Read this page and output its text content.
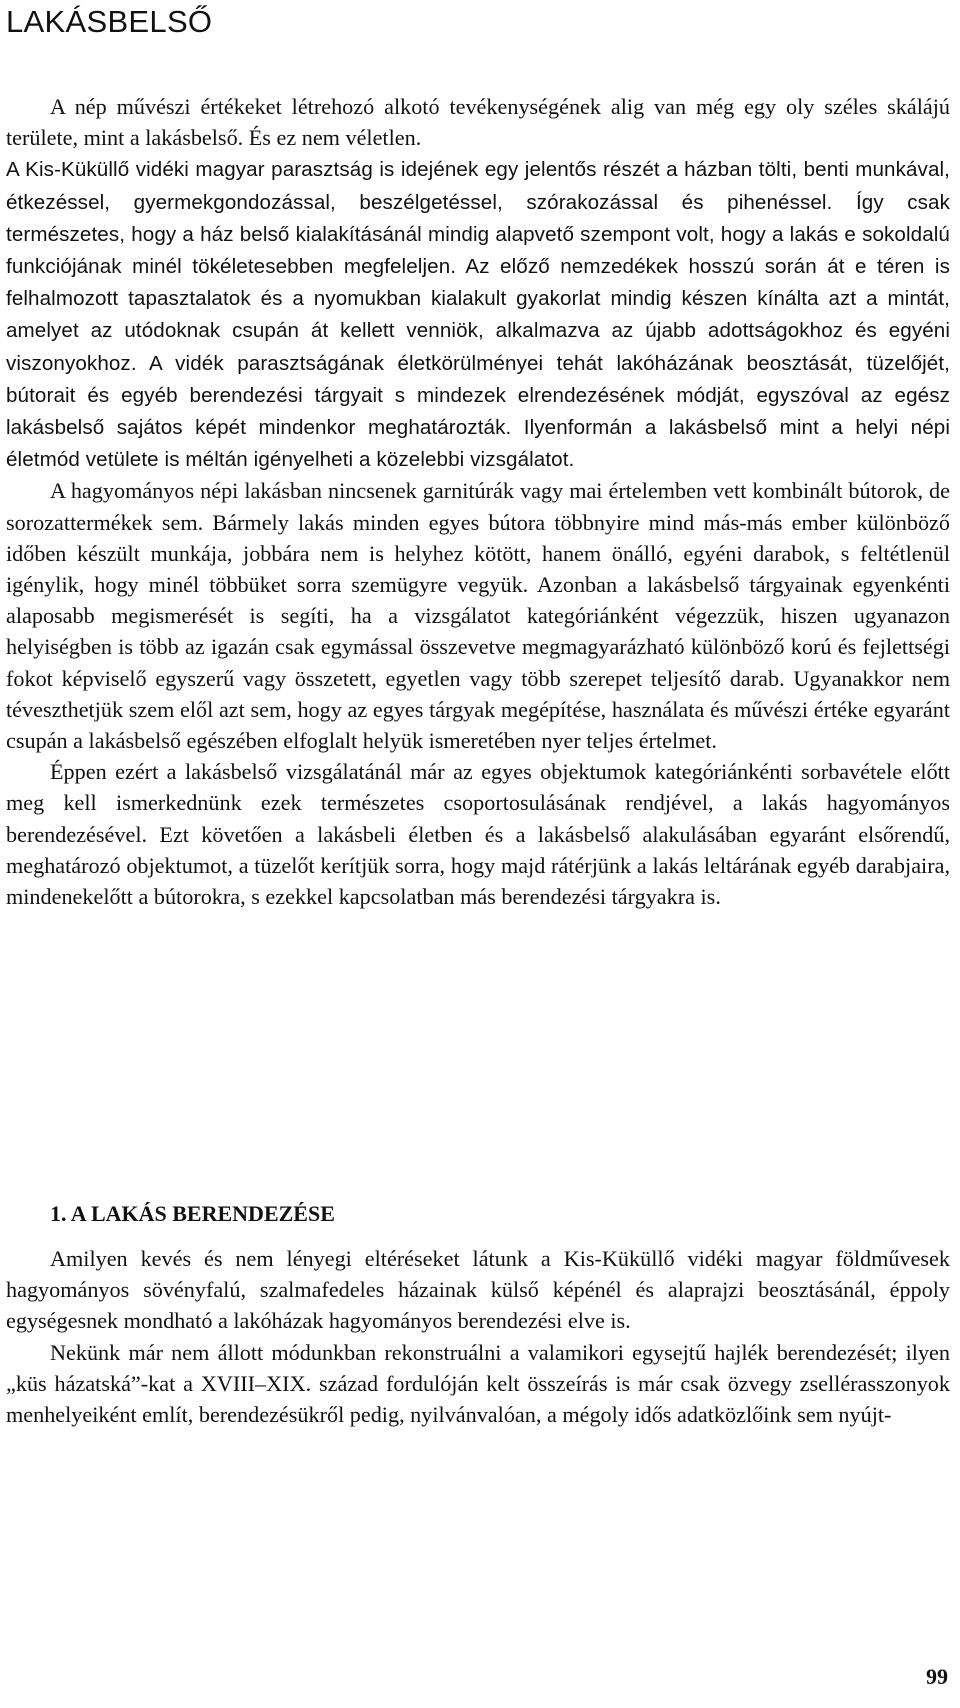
LAKÁSBELSŐ

A nép művészi értékeket létrehozó alkotó tevékenységének alig van még egy oly széles skálájú területe, mint a lakásbelső. És ez nem véletlen.
A Kis-Küküllő vidéki magyar parasztság is idejének egy jelentős részét a házban tölti, benti munkával, étkezéssel, gyermekgondozással, beszélgetéssel, szórakozással és pihenéssel. Így csak természetes, hogy a ház belső kialakításánál mindig alapvető szempont volt, hogy a lakás e sokoldalú funkciójának minél tökéletesebben megfeleljen. Az előző nemzedékek hosszú során át e téren is felhalmozott tapasztalatok és a nyomukban kialakult gyakorlat mindig készen kínálta azt a mintát, amelyet az utódoknak csupán át kellett venniök, alkalmazva az újabb adottságokhoz és egyéni viszonyokhoz. A vidék parasztságának életkörülményei tehát lakóházának beosztását, tüzelőjét, bútorait és egyéb berendezési tárgyait s mindezek elrendezésének módját, egyszóval az egész lakásbelső sajátos képét mindenkor meghatározták. Ilyenformán a lakásbelső mint a helyi népi életmód vetülete is méltán igényelheti a közelebbi vizsgálatot.

A hagyományos népi lakásban nincsenek garnitúrák vagy mai értelemben vett kombinált bútorok, de sorozattermékek sem. Bármely lakás minden egyes bútora többnyire mind más-más ember különböző időben készült munkája, jobbára nem is helyhez kötött, hanem önálló, egyéni darabok, s feltétlenül igénylik, hogy minél többüket sorra szemügyre vegyük. Azonban a lakásbelső tárgyainak egyenkénti alaposabb megismerését is segíti, ha a vizsgálatot kategóriánként végezzük, hiszen ugyanazon helyiségben is több az igazán csak egymással összevetve megmagyarázható különböző korú és fejlettségi fokot képviselő egyszerű vagy összetett, egyetlen vagy több szerepet teljesítő darab. Ugyanakkor nem téveszthetjük szem elől azt sem, hogy az egyes tárgyak megépítése, használata és művészi értéke egyaránt csupán a lakásbelső egészében elfoglalt helyük ismeretében nyer teljes értelmet.

Éppen ezért a lakásbelső vizsgálatánál már az egyes objektumok kategóriánkénti sorbavétele előtt meg kell ismerkednünk ezek természetes csoportosulásának rendjével, a lakás hagyományos berendezésével. Ezt követően a lakásbeli életben és a lakásbelső alakulásában egyaránt elsőrendű, meghatározó objektumot, a tüzelőt kerítjük sorra, hogy majd rátérjünk a lakás leltárának egyéb darabjaira, mindenekelőtt a bútorokra, s ezekkel kapcsolatban más berendezési tárgyakra is.

1. A LAKÁS BERENDEZÉSE

Amilyen kevés és nem lényegi eltéréseket látunk a Kis-Küküllő vidéki magyar földművesek hagyományos sövényfalú, szalmafedeles házainak külső képénél és alaprajzi beosztásánál, éppoly egységesnek mondható a lakóházak hagyományos berendezési elve is.

Nekünk már nem állott módunkban rekonstruálni a valamikori egysejtű hajlék berendezését; ilyen „küs házatská”-kat a XVIII–XIX. század fordulóján kelt összeírás is már csak özvegy zsellérasszonyok menhelyeiként említ, berendezésükről pedig, nyilvánvalóan, a mégoly idős adatközlőink sem nyújt-

99
